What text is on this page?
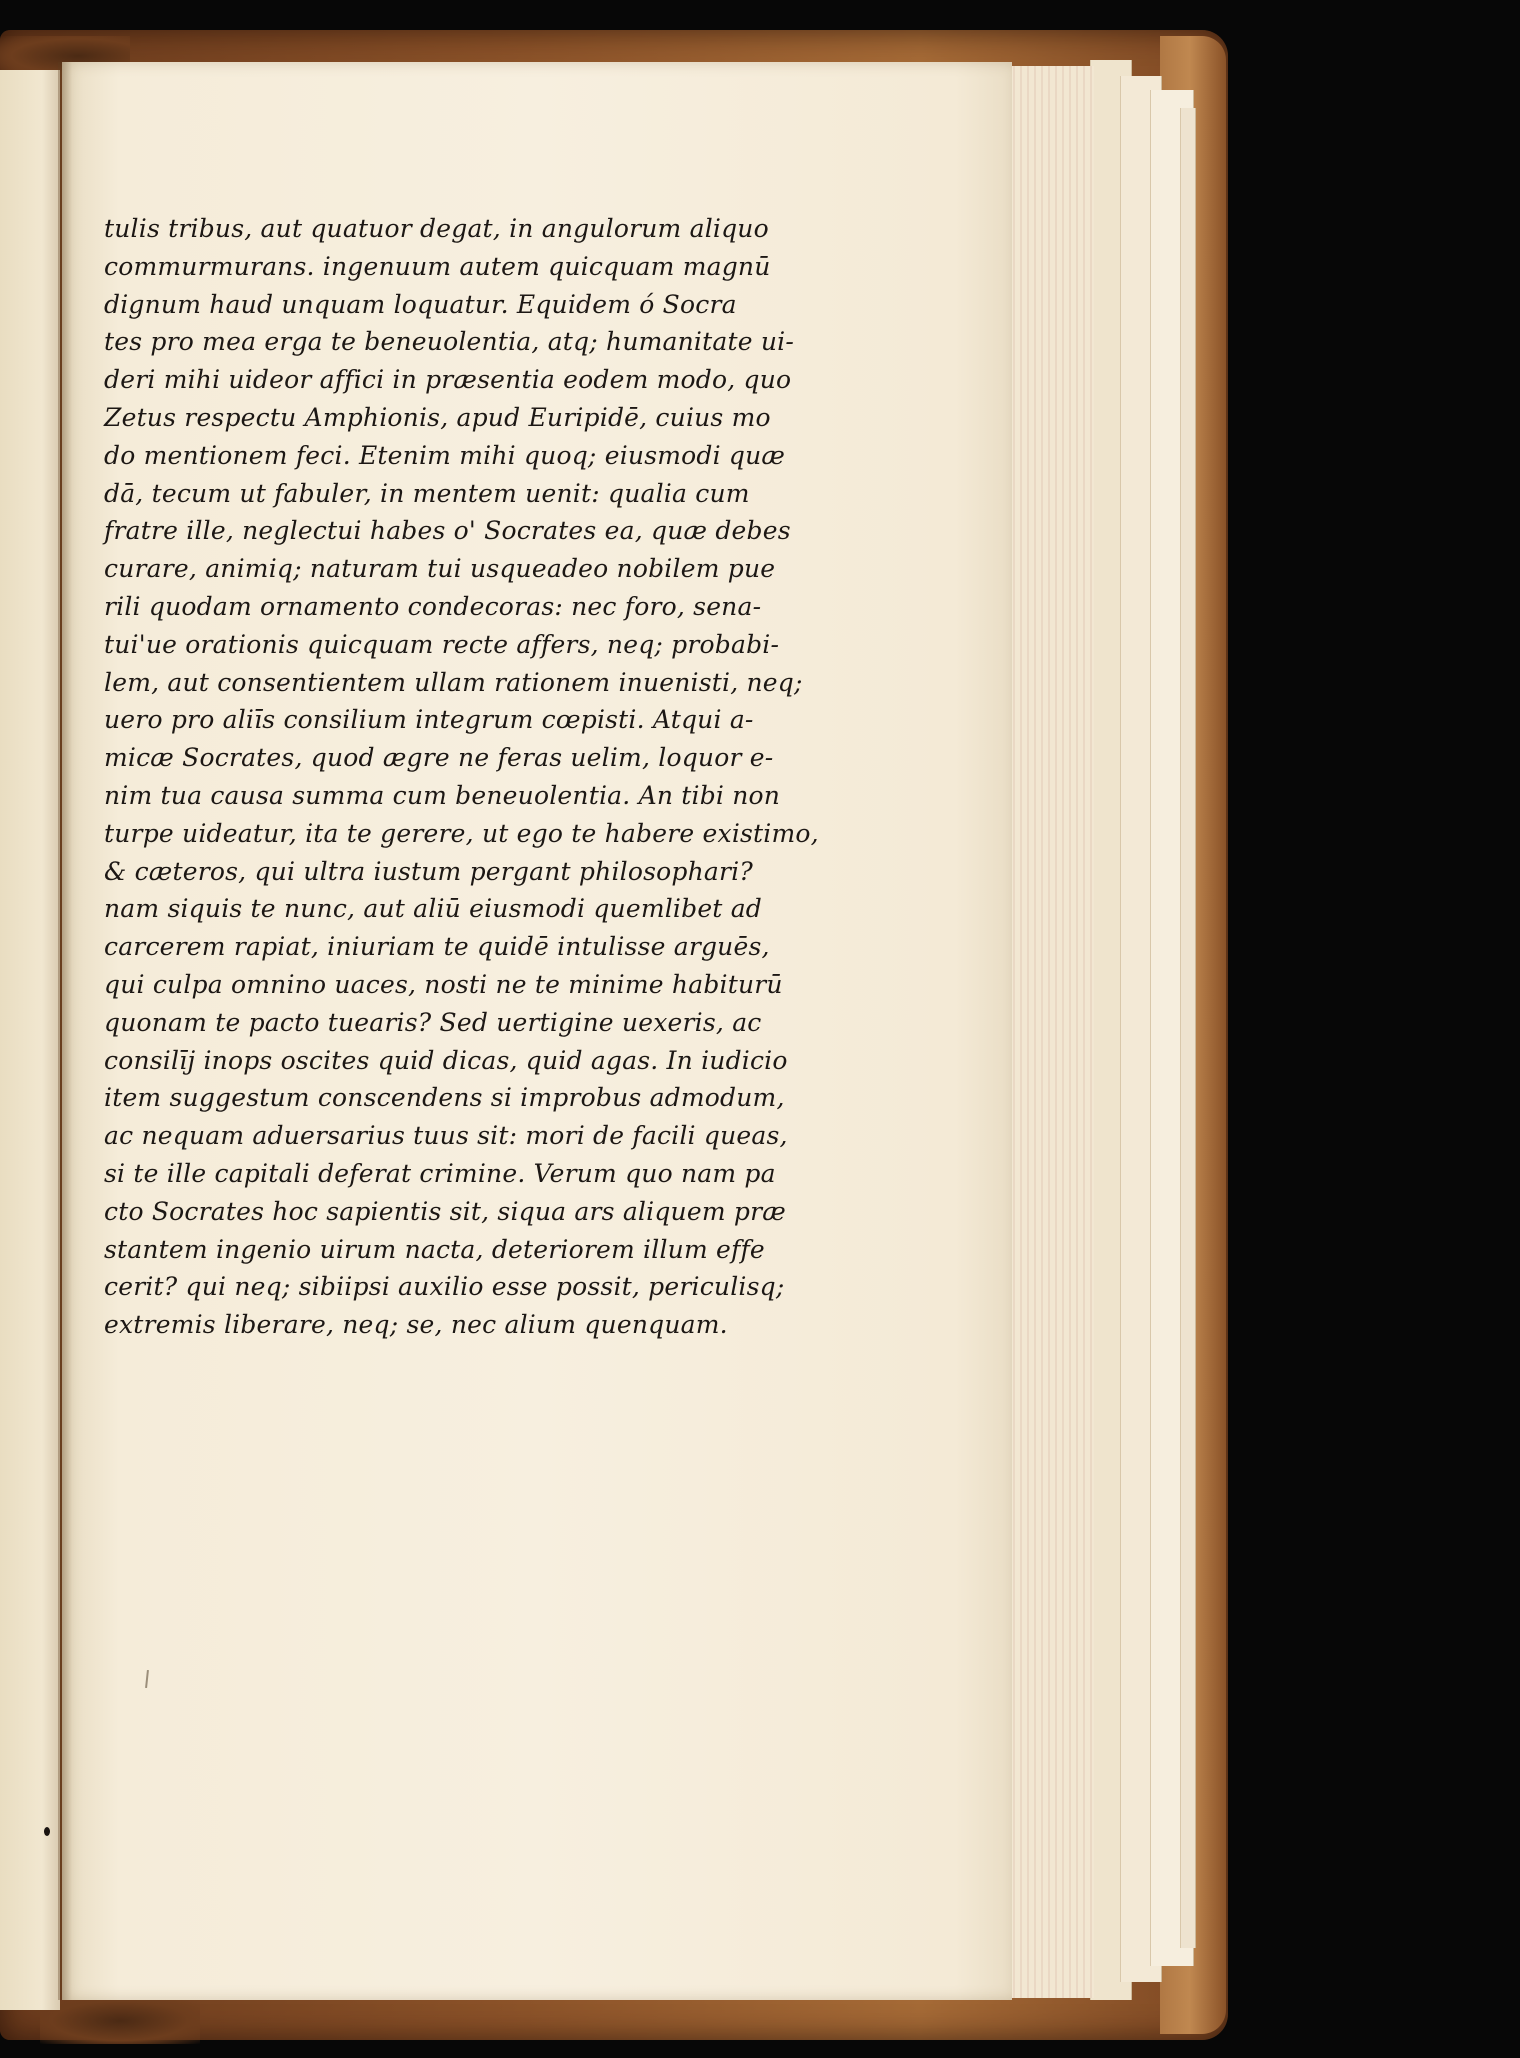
tulis tribus, aut quatuor degat, in angulorum aliquo
commurmurans. ingenuum autem quicquam magnū
dignum haud unquam loquatur. Equidem ó Socra
tes pro mea erga te beneuolentia, atq; humanitate ui-
deri mihi uideor affici in præsentia eodem modo, quo
Zetus respectu Amphionis, apud Euripidē, cuius mo
do mentionem feci. Etenim mihi quoq; eiusmodi quæ
dā, tecum ut fabuler, in mentem uenit: qualia cum
fratre ille, neglectui habes o' Socrates ea, quæ debes
curare, animiq; naturam tui usqueadeo nobilem pue
rili quodam ornamento condecoras: nec foro, sena-
tui'ue orationis quicquam recte affers, neq; probabi-
lem, aut consentientem ullam rationem inuenisti, neq;
uero pro aliīs consilium integrum cœpisti. Atqui a-
micæ Socrates, quod ægre ne feras uelim, loquor e-
nim tua causa summa cum beneuolentia. An tibi non
turpe uideatur, ita te gerere, ut ego te habere existimo,
& cæteros, qui ultra iustum pergant philosophari?
nam siquis te nunc, aut aliū eiusmodi quemlibet ad
carcerem rapiat, iniuriam te quidē intulisse arguēs,
qui culpa omnino uaces, nosti ne te minime habiturū
quonam te pacto tuearis? Sed uertigine uexeris, ac
consilīj inops oscites quid dicas, quid agas. In iudicio
item suggestum conscendens si improbus admodum,
ac nequam aduersarius tuus sit: mori de facili queas,
si te ille capitali deferat crimine. Verum quo nam pa
cto Socrates hoc sapientis sit, siqua ars aliquem præ
stantem ingenio uirum nacta, deteriorem illum effe
cerit? qui neq; sibiipsi auxilio esse possit, periculisq;
extremis liberare, neq; se, nec alium quenquam.
